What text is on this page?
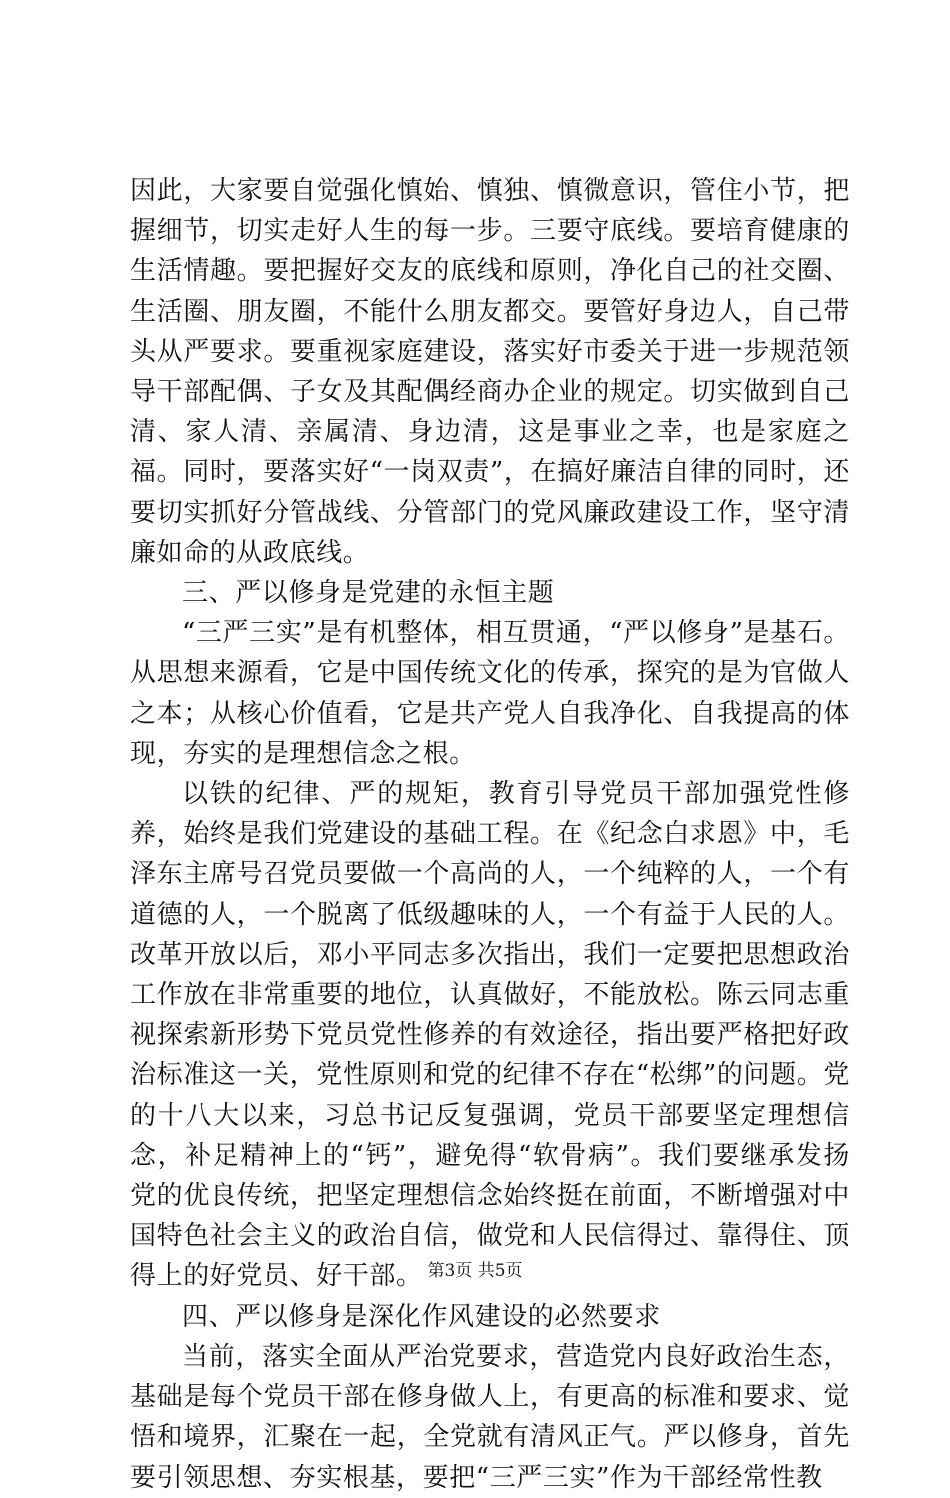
因此，大家要自觉强化慎始、慎独、慎微意识，管住小节，把握细节，切实走好人生的每一步。三要守底线。要培育健康的生活情趣。要把握好交友的底线和原则，净化自己的社交圈、生活圈、朋友圈，不能什么朋友都交。要管好身边人，自己带头从严要求。要重视家庭建设，落实好市委关于进一步规范领导干部配偶、子女及其配偶经商办企业的规定。切实做到自己清、家人清、亲属清、身边清，这是事业之幸，也是家庭之福。同时，要落实好“一岗双责”，在搞好廉洁自律的同时，还要切实抓好分管战线、分管部门的党风廉政建设工作，坚守清廉如命的从政底线。

三、严以修身是党建的永恒主题

“三严三实”是有机整体，相互贯通，“严以修身”是基石。从思想来源看，它是中国传统文化的传承，探究的是为官做人之本；从核心价值看，它是共产党人自我净化、自我提高的体现，夯实的是理想信念之根。

以铁的纪律、严的规矩，教育引导党员干部加强党性修养，始终是我们党建设的基础工程。在《纪念白求恩》中，毛泽东主席号召党员要做一个高尚的人，一个纯粹的人，一个有道德的人，一个脱离了低级趣味的人，一个有益于人民的人。改革开放以后，邓小平同志多次指出，我们一定要把思想政治工作放在非常重要的地位，认真做好，不能放松。陈云同志重视探索新形势下党员党性修养的有效途径，指出要严格把好政治标准这一关，党性原则和党的纪律不存在“松绑”的问题。党的十八大以来，习总书记反复强调，党员干部要坚定理想信念，补足精神上的“钙”，避免得“软骨病”。我们要继承发扬党的优良传统，把坚定理想信念始终挺在前面，不断增强对中国特色社会主义的政治自信，做党和人民信得过、靠得住、顶得上的好党员、好干部。

四、严以修身是深化作风建设的必然要求

当前，落实全面从严治党要求，营造党内良好政治生态，基础是每个党员干部在修身做人上，有更高的标准和要求、觉悟和境界，汇聚在一起，全党就有清风正气。严以修身，首先要引领思想、夯实根基，要把“三严三实”作为干部经常性教

第3页 共5页
